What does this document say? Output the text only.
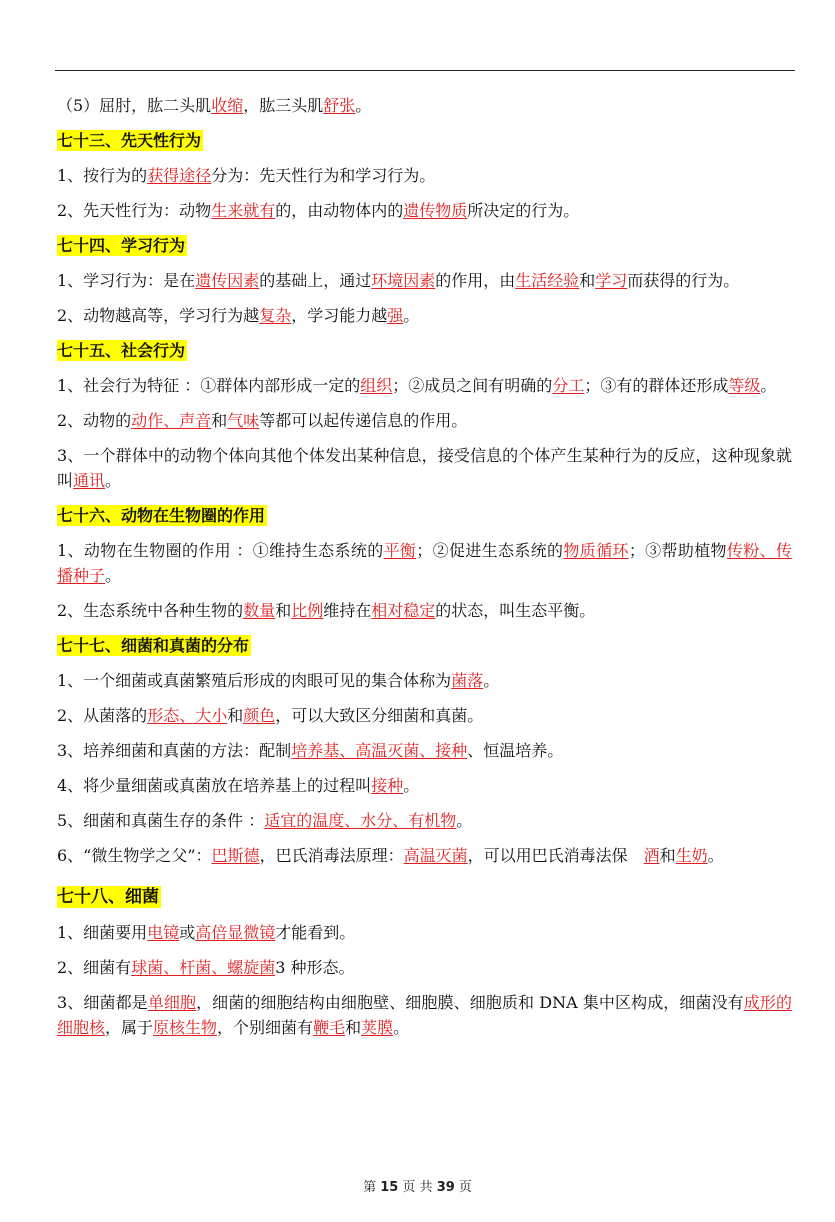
（5）屈肘，肱二头肌收缩，肱三头肌舒张。
七十三、先天性行为
1、按行为的获得途径分为：先天性行为和学习行为。
2、先天性行为：动物生来就有的，由动物体内的遗传物质所决定的行为。
七十四、学习行为
1、学习行为：是在遗传因素的基础上，通过环境因素的作用，由生活经验和学习而获得的行为。
2、动物越高等，学习行为越复杂，学习能力越强。
七十五、社会行为
1、社会行为特征 ：①群体内部形成一定的组织；②成员之间有明确的分工；③有的群体还形成等级。
2、动物的动作、声音和气味等都可以起传递信息的作用。
3、一个群体中的动物个体向其他个体发出某种信息，接受信息的个体产生某种行为的反应，这种现象就叫通讯。
七十六、动物在生物圈的作用
1、动物在生物圈的作用 ：①维持生态系统的平衡；②促进生态系统的物质循环；③帮助植物传粉、传播种子。
2、生态系统中各种生物的数量和比例维持在相对稳定的状态，叫生态平衡。
七十七、细菌和真菌的分布
1、一个细菌或真菌繁殖后形成的肉眼可见的集合体称为菌落。
2、从菌落的形态、大小和颜色，可以大致区分细菌和真菌。
3、培养细菌和真菌的方法：配制培养基、高温灭菌、接种、恒温培养。
4、将少量细菌或真菌放在培养基上的过程叫接种。
5、细菌和真菌生存的条件 ：适宜的温度、水分、有机物。
6、“微生物学之父”：巴斯德，巴氏消毒法原理：高温灭菌，可以用巴氏消毒法保　酒和生奶。
七十八、细菌
1、细菌要用电镜或高倍显微镜才能看到。
2、细菌有球菌、杆菌、螺旋菌3 种形态。
3、细菌都是单细胞，细菌的细胞结构由细胞壁、细胞膜、细胞质和 DNA 集中区构成，细菌没有成形的细胞核，属于原核生物，个别细菌有鞭毛和荚膜。
第 15 页 共 39 页
